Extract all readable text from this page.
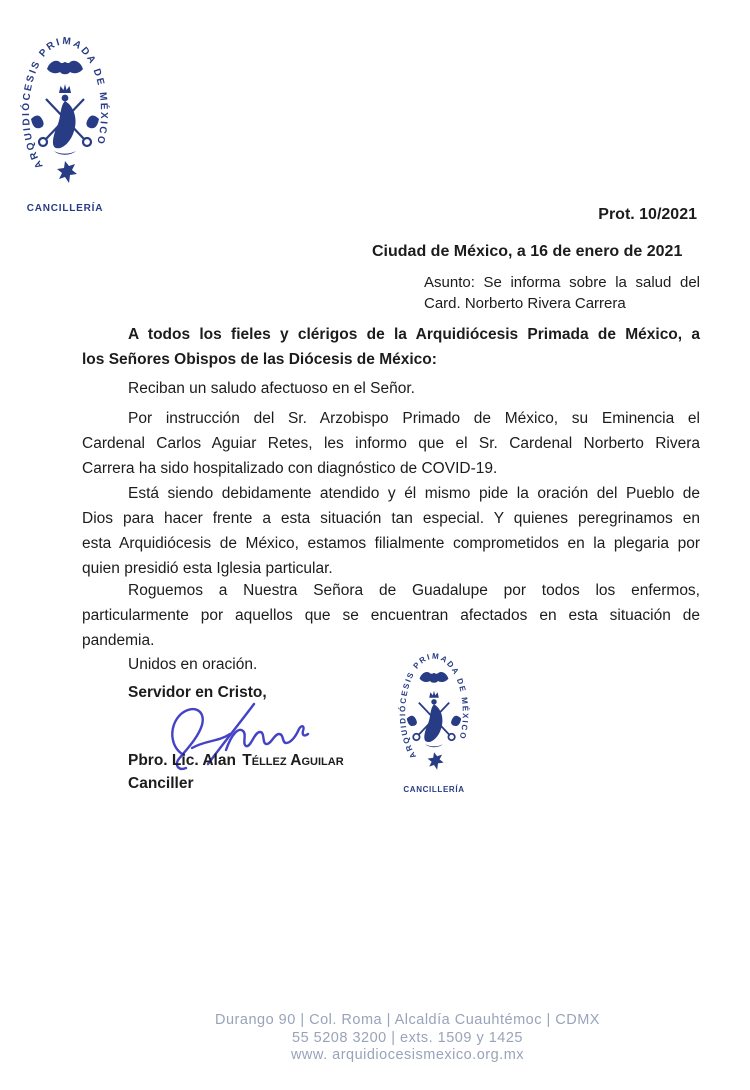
Prot. 10/2021
Ciudad de México, a 16 de enero de 2021
Asunto: Se informa sobre la salud del
Card. Norberto Rivera Carrera
A todos los fieles y clérigos de la Arquidiócesis Primada de México, a
los Señores Obispos de las Diócesis de México:
Reciban un saludo afectuoso en el Señor.
Por instrucción del Sr. Arzobispo Primado de México, su Eminencia el
Cardenal Carlos Aguiar Retes, les informo que el Sr. Cardenal Norberto Rivera
Carrera ha sido hospitalizado con diagnóstico de COVID-19.
Está siendo debidamente atendido y él mismo pide la oración del Pueblo de
Dios para hacer frente a esta situación tan especial. Y quienes peregrinamos en
esta Arquidiócesis de México, estamos filialmente comprometidos en la plegaria por
quien presidió esta Iglesia particular.
Roguemos a Nuestra Señora de Guadalupe por todos los enfermos,
particularmente por aquellos que se encuentran afectados en esta situación de
pandemia.
Unidos en oración.
Servidor en Cristo,
Pbro. Lic. Alan Téllez Aguilar
Canciller
Durango 90 | Col. Roma | Alcaldía Cuauhtémoc | CDMX
55 5208 3200 | exts. 1509 y 1425
www. arquidiocesismexico.org.mx
